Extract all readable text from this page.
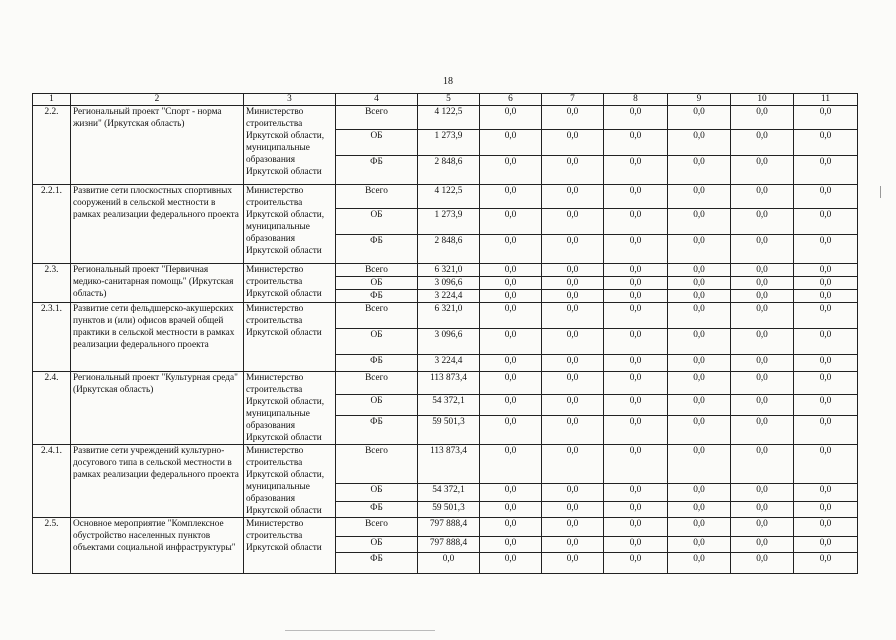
18
1	2	3	4	5	6	7	8	9	10	11
2.2.	Региональный проект "Спорт - норма жизни" (Иркутская область)	Министерство строительства Иркутской области, муниципальные образования Иркутской области	Всего	4 122,5	0,0	0,0	0,0	0,0	0,0	0,0
			ОБ	1 273,9	0,0	0,0	0,0	0,0	0,0	0,0
			ФБ	2 848,6	0,0	0,0	0,0	0,0	0,0	0,0
2.2.1.	Развитие сети плоскостных спортивных сооружений в сельской местности в рамках реализации федерального проекта	Министерство строительства Иркутской области, муниципальные образования Иркутской области	Всего	4 122,5	0,0	0,0	0,0	0,0	0,0	0,0
			ОБ	1 273,9	0,0	0,0	0,0	0,0	0,0	0,0
			ФБ	2 848,6	0,0	0,0	0,0	0,0	0,0	0,0
2.3.	Региональный проект "Первичная медико-санитарная помощь" (Иркутская область)	Министерство строительства Иркутской области	Всего	6 321,0	0,0	0,0	0,0	0,0	0,0	0,0
			ОБ	3 096,6	0,0	0,0	0,0	0,0	0,0	0,0
			ФБ	3 224,4	0,0	0,0	0,0	0,0	0,0	0,0
2.3.1.	Развитие сети фельдшерско-акушерских пунктов и (или) офисов врачей общей практики в сельской местности в рамках реализации федерального проекта	Министерство строительства Иркутской области	Всего	6 321,0	0,0	0,0	0,0	0,0	0,0	0,0
			ОБ	3 096,6	0,0	0,0	0,0	0,0	0,0	0,0
			ФБ	3 224,4	0,0	0,0	0,0	0,0	0,0	0,0
2.4.	Региональный проект "Культурная среда" (Иркутская область)	Министерство строительства Иркутской области, муниципальные образования Иркутской области	Всего	113 873,4	0,0	0,0	0,0	0,0	0,0	0,0
			ОБ	54 372,1	0,0	0,0	0,0	0,0	0,0	0,0
			ФБ	59 501,3	0,0	0,0	0,0	0,0	0,0	0,0
2.4.1.	Развитие сети учреждений культурно-досугового типа в сельской местности в рамках реализации федерального проекта	Министерство строительства Иркутской области, муниципальные образования Иркутской области	Всего	113 873,4	0,0	0,0	0,0	0,0	0,0	0,0
			ОБ	54 372,1	0,0	0,0	0,0	0,0	0,0	0,0
			ФБ	59 501,3	0,0	0,0	0,0	0,0	0,0	0,0
2.5.	Основное мероприятие "Комплексное обустройство населенных пунктов объектами социальной инфраструктуры"	Министерство строительства Иркутской области	Всего	797 888,4	0,0	0,0	0,0	0,0	0,0	0,0
			ОБ	797 888,4	0,0	0,0	0,0	0,0	0,0	0,0
			ФБ	0,0	0,0	0,0	0,0	0,0	0,0	0,0
